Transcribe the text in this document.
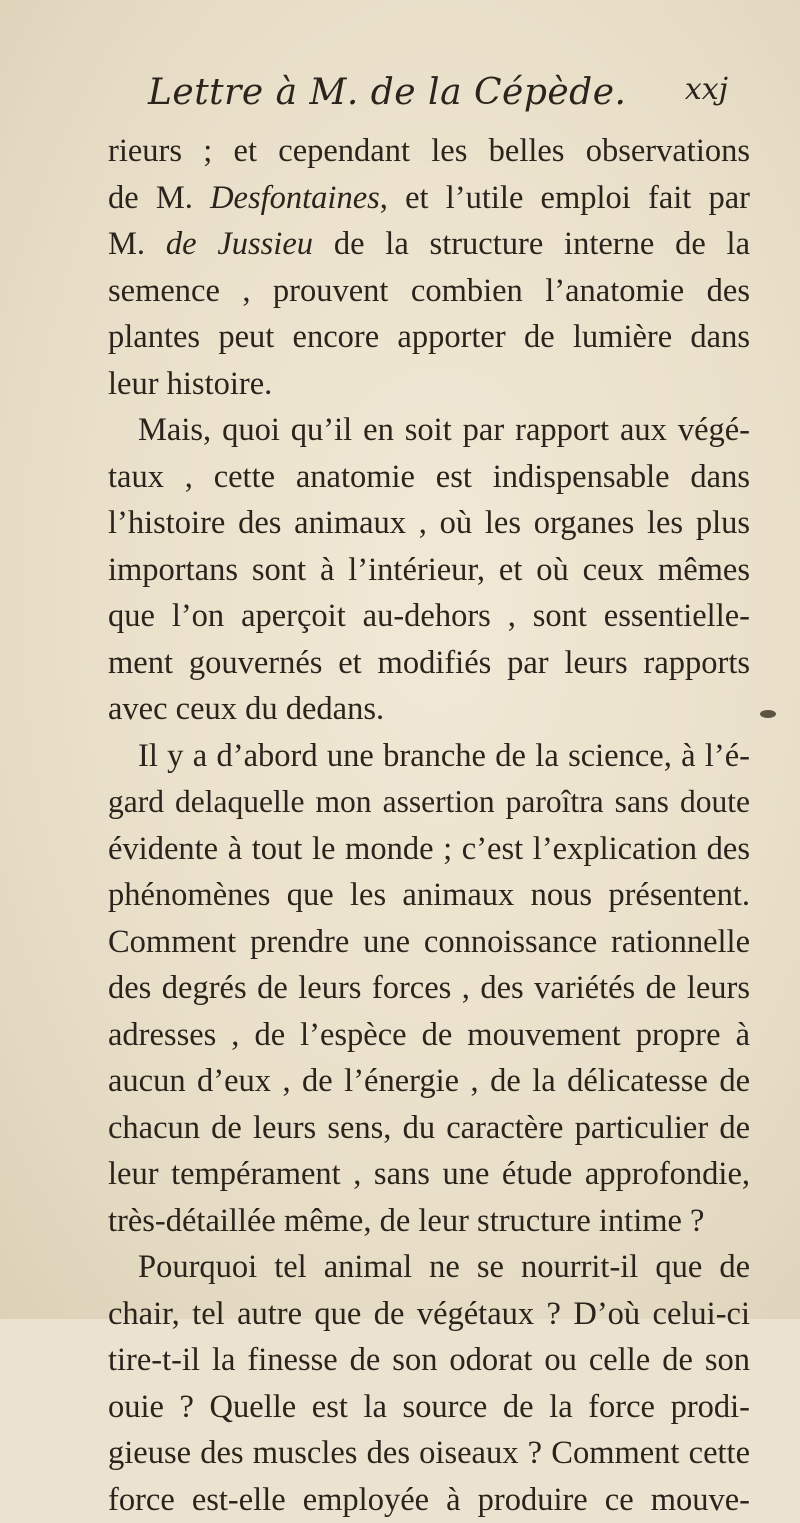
Lettre à M. de la Cépède. xxj
rieurs ; et cependant les belles observations
de M. Desfontaines, et l’utile emploi fait par
M. de Jussieu de la structure interne de la
semence , prouvent combien l’anatomie des
plantes peut encore apporter de lumière dans
leur histoire.
Mais, quoi qu’il en soit par rapport aux végé-
taux , cette anatomie est indispensable dans
l’histoire des animaux , où les organes les plus
importans sont à l’intérieur, et où ceux mêmes
que l’on aperçoit au-dehors , sont essentielle-
ment gouvernés et modifiés par leurs rapports
avec ceux du dedans.
Il y a d’abord une branche de la science, à l’é-
gard delaquelle mon assertion paroîtra sans doute
évidente à tout le monde ; c’est l’explication des
phénomènes que les animaux nous présentent.
Comment prendre une connoissance rationnelle
des degrés de leurs forces , des variétés de leurs
adresses , de l’espèce de mouvement propre à
aucun d’eux , de l’énergie , de la délicatesse de
chacun de leurs sens, du caractère particulier de
leur tempérament , sans une étude approfondie,
très-détaillée même, de leur structure intime ?
Pourquoi tel animal ne se nourrit-il que de
chair, tel autre que de végétaux ? D’où celui-ci
tire-t-il la finesse de son odorat ou celle de son
ouie ? Quelle est la source de la force prodi-
gieuse des muscles des oiseaux ? Comment cette
force est-elle employée à produire ce mouve-
